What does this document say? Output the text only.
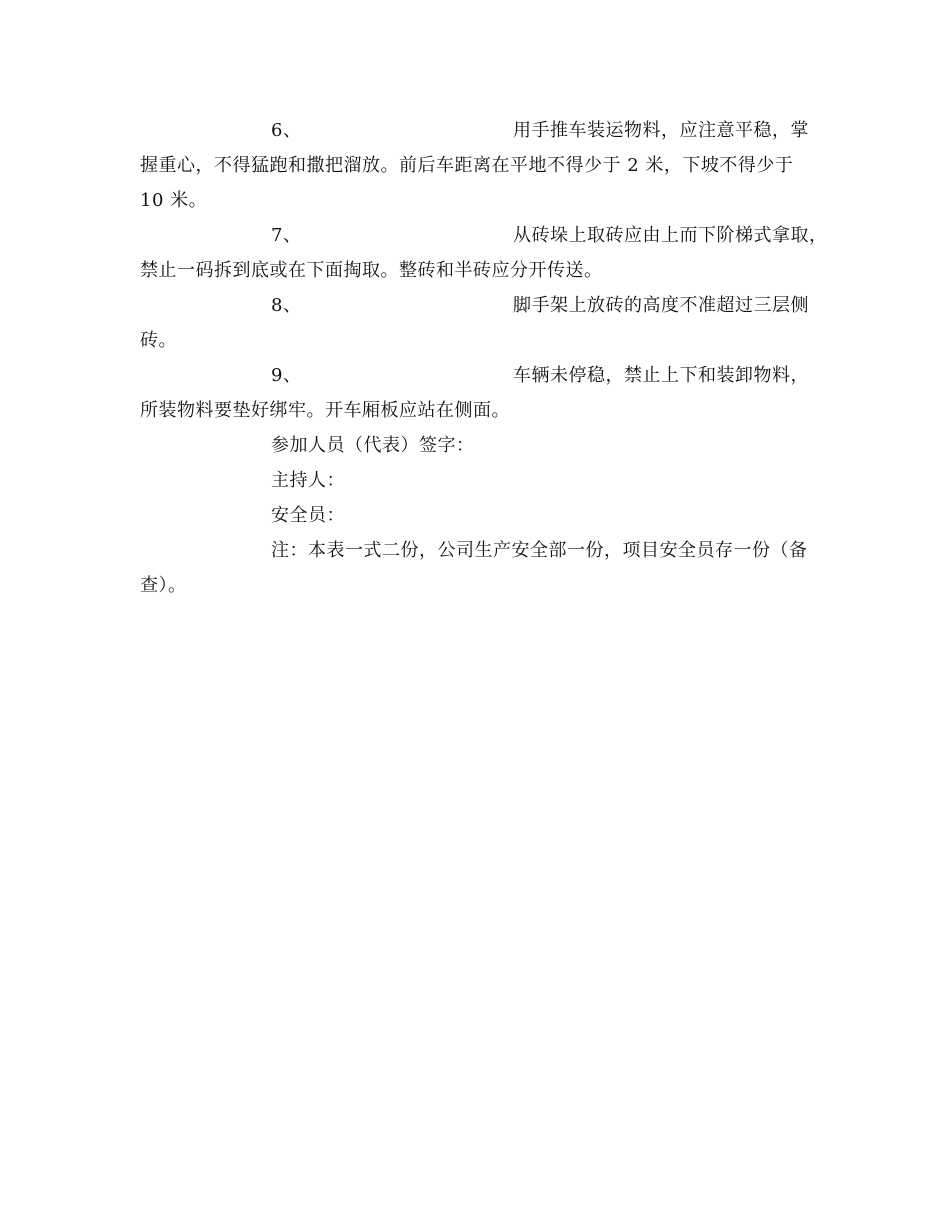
6、	用手推车装运物料，应注意平稳，掌
握重心，不得猛跑和撒把溜放。前后车距离在平地不得少于 2 米，下坡不得少于
10 米。
7、	从砖垛上取砖应由上而下阶梯式拿取，
禁止一码拆到底或在下面掏取。整砖和半砖应分开传送。
8、	脚手架上放砖的高度不准超过三层侧
砖。
9、	车辆未停稳，禁止上下和装卸物料，
所装物料要垫好绑牢。开车厢板应站在侧面。
参加人员（代表）签字：
主持人：
安全员：
注：本表一式二份，公司生产安全部一份，项目安全员存一份（备
查）。
